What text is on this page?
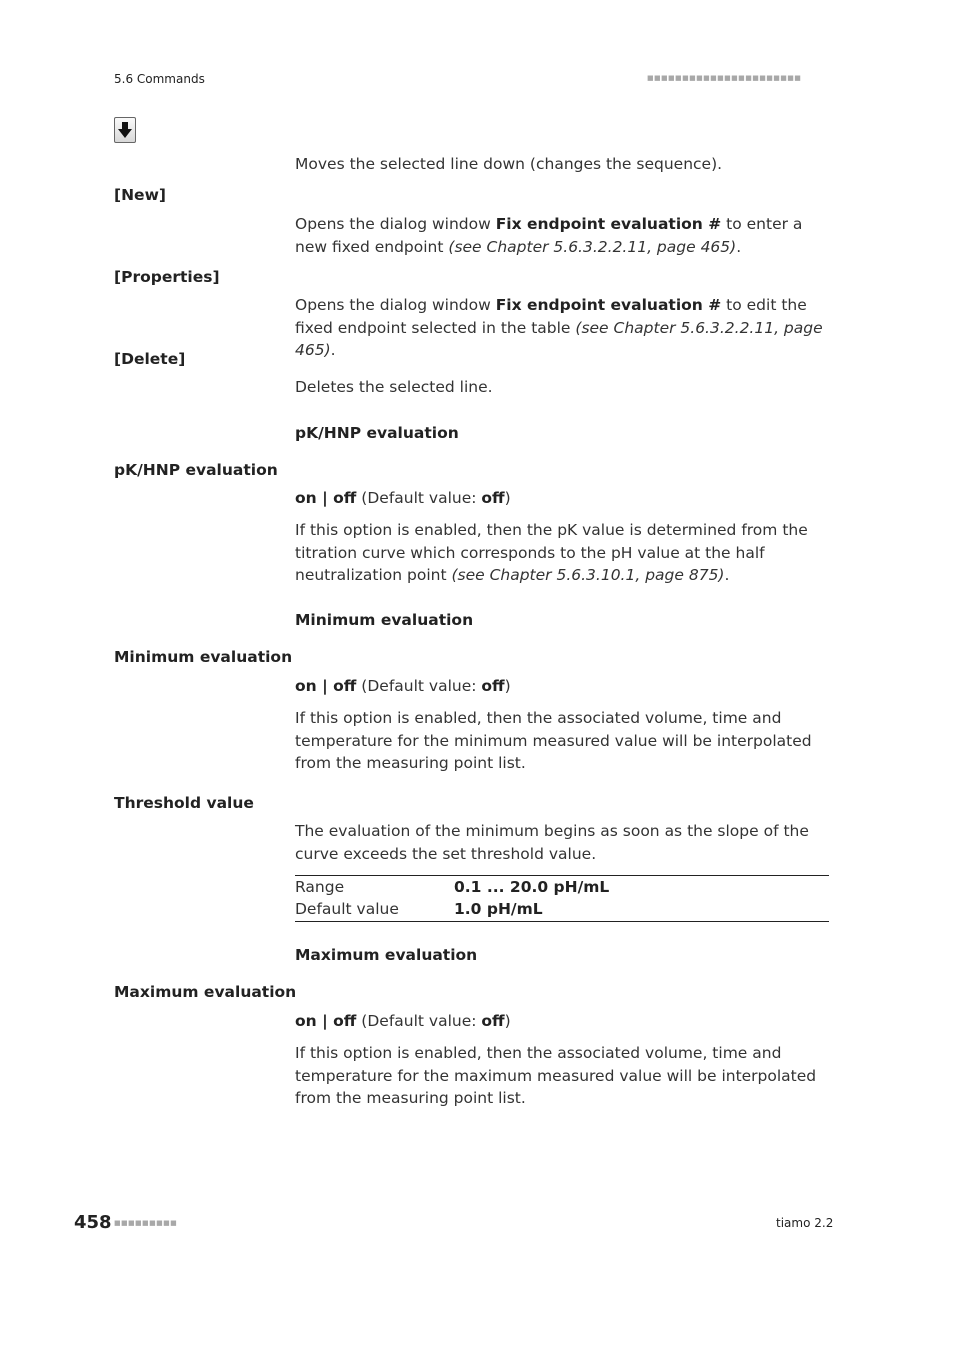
5.6 Commands	■■■■■■■■■■■■■■■■■■■■■■
Moves the selected line down (changes the sequence).
[New]
Opens the dialog window Fix endpoint evaluation # to enter a new fixed endpoint (see Chapter 5.6.3.2.2.11, page 465).
[Properties]
Opens the dialog window Fix endpoint evaluation # to edit the fixed endpoint selected in the table (see Chapter 5.6.3.2.2.11, page 465).
[Delete]
Deletes the selected line.
pK/HNP evaluation
pK/HNP evaluation
on | off (Default value: off)
If this option is enabled, then the pK value is determined from the titration curve which corresponds to the pH value at the half neutralization point (see Chapter 5.6.3.10.1, page 875).
Minimum evaluation
Minimum evaluation
on | off (Default value: off)
If this option is enabled, then the associated volume, time and temperature for the minimum measured value will be interpolated from the measuring point list.
Threshold value
The evaluation of the minimum begins as soon as the slope of the curve exceeds the set threshold value.
Range	0.1 ... 20.0 pH/mL
Default value	1.0 pH/mL
Maximum evaluation
Maximum evaluation
on | off (Default value: off)
If this option is enabled, then the associated volume, time and temperature for the maximum measured value will be interpolated from the measuring point list.
458 ■■■■■■■■■	tiamo 2.2
